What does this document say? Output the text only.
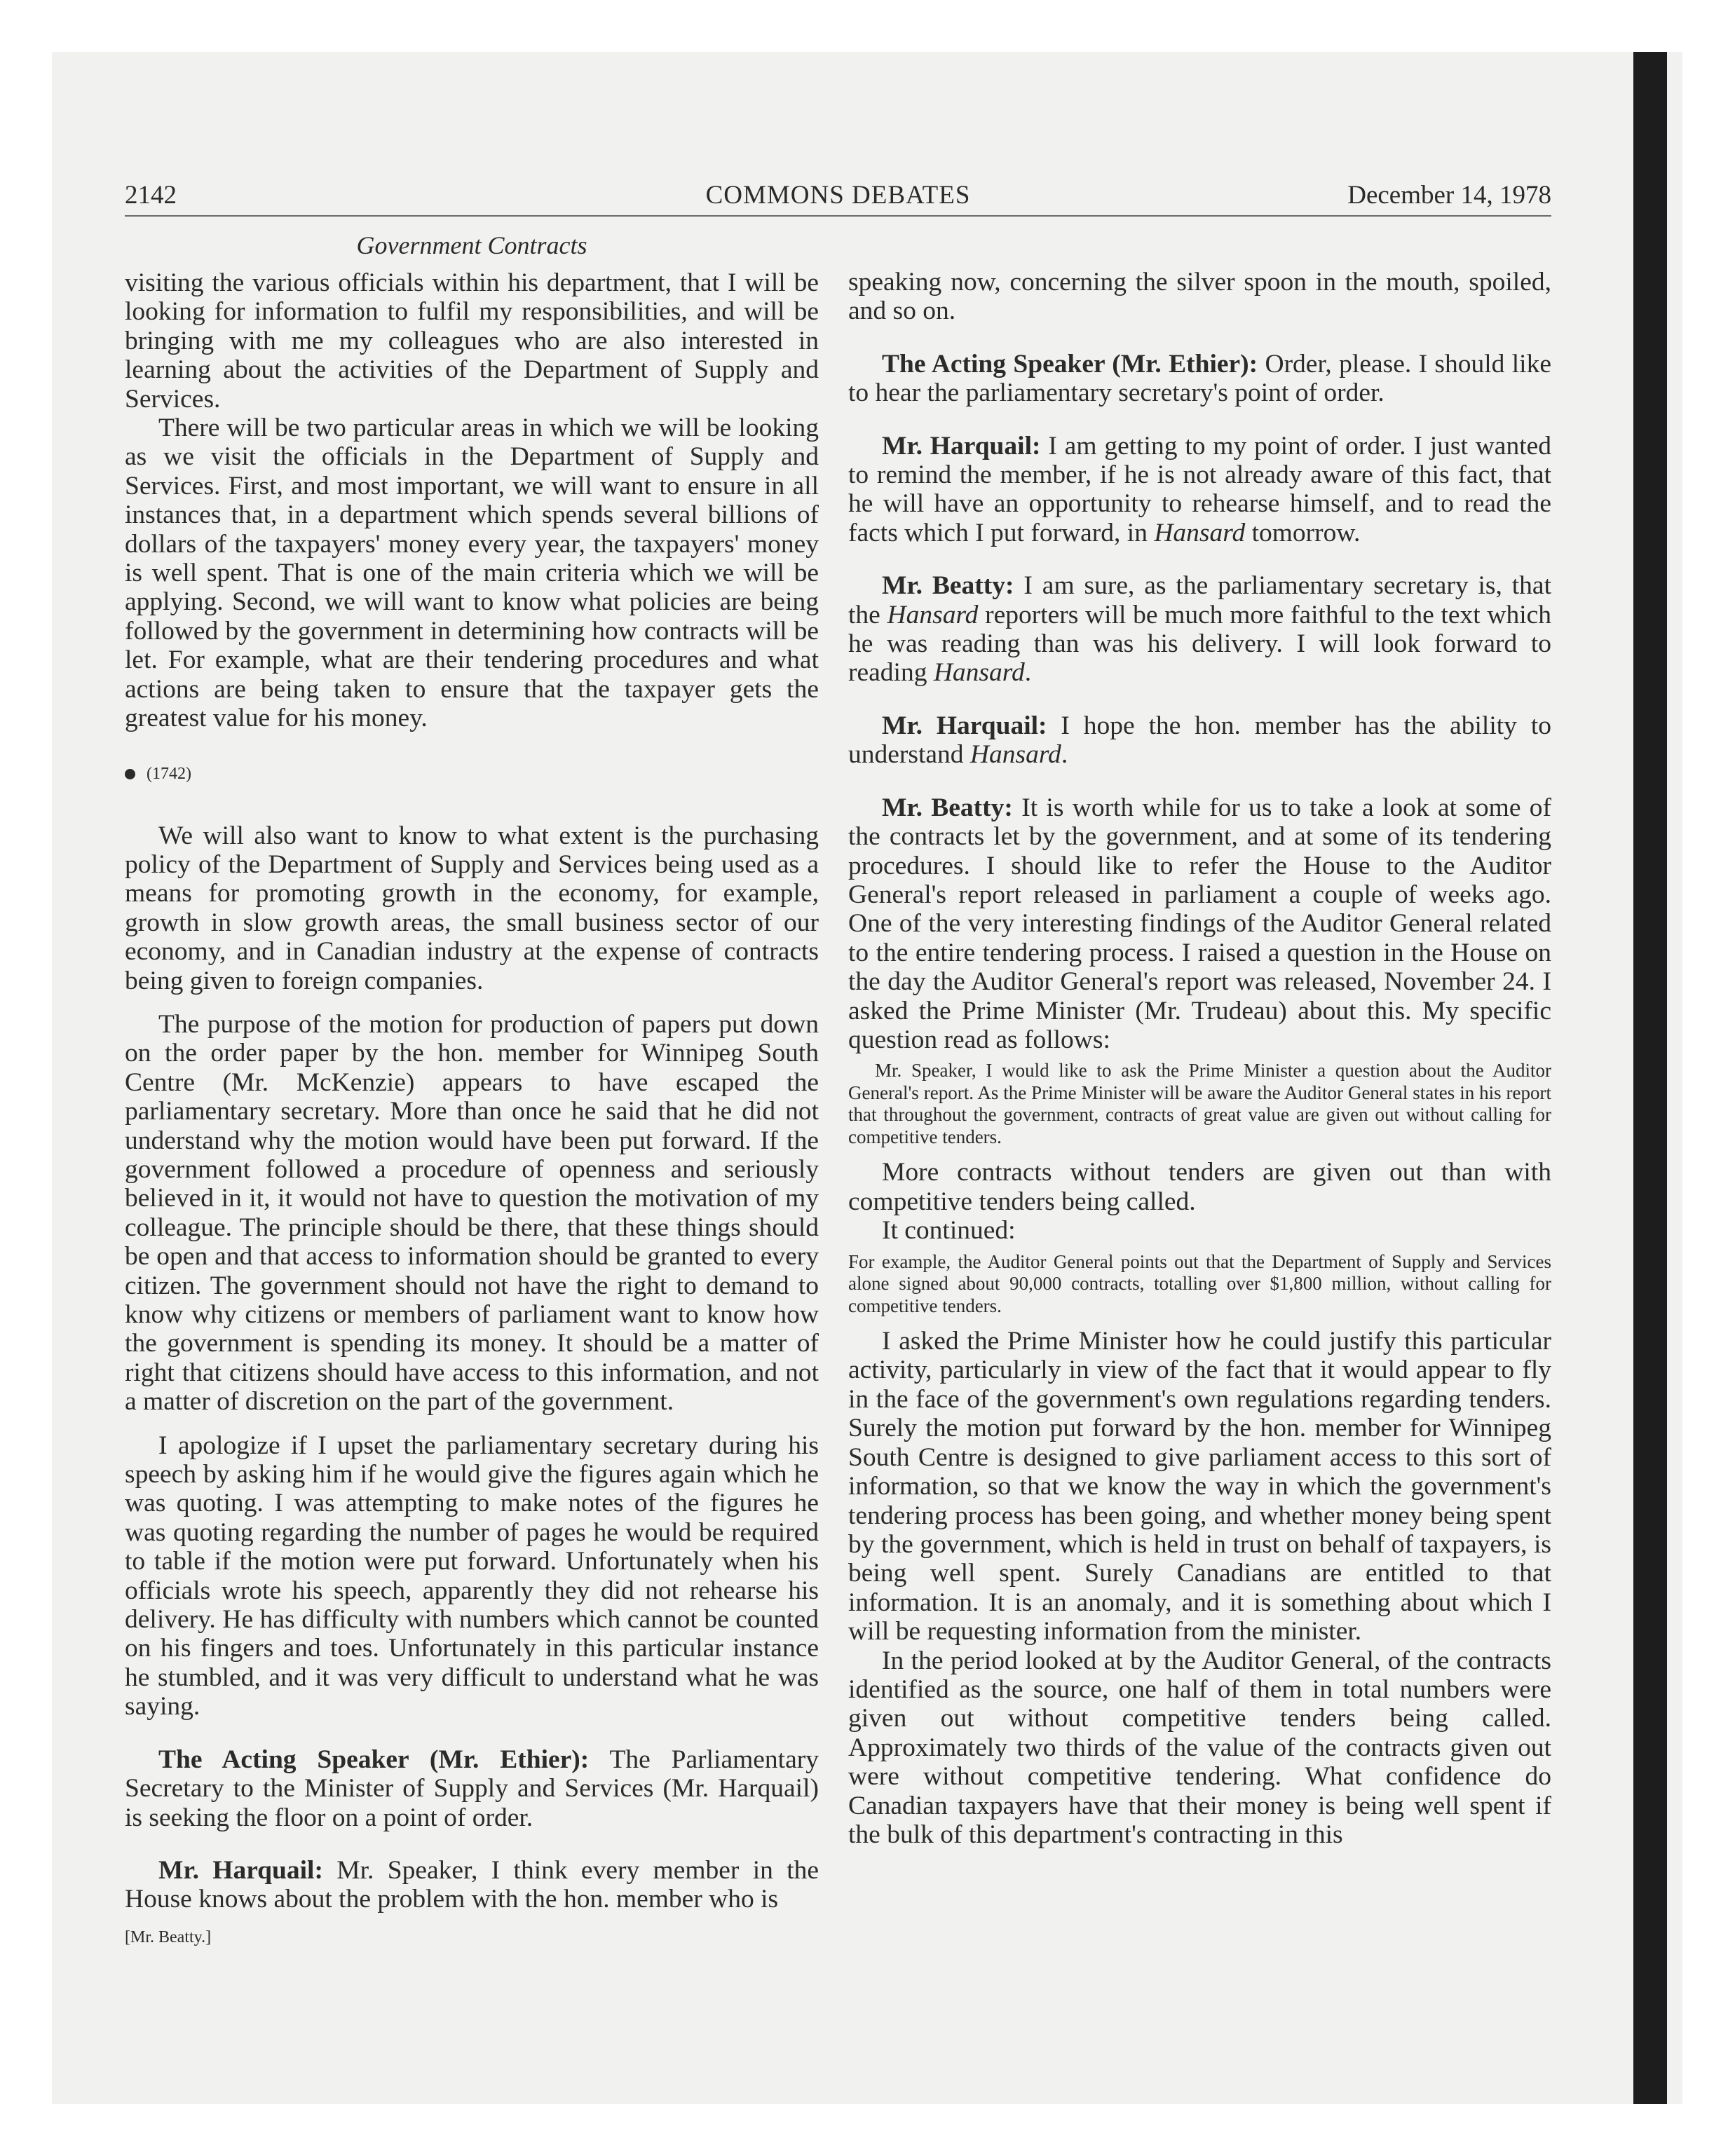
2142	COMMONS DEBATES	December 14, 1978
Government Contracts

visiting the various officials within his department, that I will be looking for information to fulfil my responsibilities, and will be bringing with me my colleagues who are also interested in learning about the activities of the Department of Supply and Services.

There will be two particular areas in which we will be looking as we visit the officials in the Department of Supply and Services. First, and most important, we will want to ensure in all instances that, in a department which spends several billions of dollars of the taxpayers' money every year, the taxpayers' money is well spent. That is one of the main criteria which we will be applying. Second, we will want to know what policies are being followed by the government in determining how contracts will be let. For example, what are their tendering procedures and what actions are being taken to ensure that the taxpayer gets the greatest value for his money.

(1742)

We will also want to know to what extent is the purchasing policy of the Department of Supply and Services being used as a means for promoting growth in the economy, for example, growth in slow growth areas, the small business sector of our economy, and in Canadian industry at the expense of contracts being given to foreign companies.

The purpose of the motion for production of papers put down on the order paper by the hon. member for Winnipeg South Centre (Mr. McKenzie) appears to have escaped the parliamentary secretary. More than once he said that he did not understand why the motion would have been put forward. If the government followed a procedure of openness and seriously believed in it, it would not have to question the motivation of my colleague. The principle should be there, that these things should be open and that access to information should be granted to every citizen. The government should not have the right to demand to know why citizens or members of parliament want to know how the government is spending its money. It should be a matter of right that citizens should have access to this information, and not a matter of discretion on the part of the government.

I apologize if I upset the parliamentary secretary during his speech by asking him if he would give the figures again which he was quoting. I was attempting to make notes of the figures he was quoting regarding the number of pages he would be required to table if the motion were put forward. Unfortunately when his officials wrote his speech, apparently they did not rehearse his delivery. He has difficulty with numbers which cannot be counted on his fingers and toes. Unfortunately in this particular instance he stumbled, and it was very difficult to understand what he was saying.

The Acting Speaker (Mr. Ethier): The Parliamentary Secretary to the Minister of Supply and Services (Mr. Harquail) is seeking the floor on a point of order.

Mr. Harquail: Mr. Speaker, I think every member in the House knows about the problem with the hon. member who is

[Mr. Beatty.]

speaking now, concerning the silver spoon in the mouth, spoiled, and so on.

The Acting Speaker (Mr. Ethier): Order, please. I should like to hear the parliamentary secretary's point of order.

Mr. Harquail: I am getting to my point of order. I just wanted to remind the member, if he is not already aware of this fact, that he will have an opportunity to rehearse himself, and to read the facts which I put forward, in Hansard tomorrow.

Mr. Beatty: I am sure, as the parliamentary secretary is, that the Hansard reporters will be much more faithful to the text which he was reading than was his delivery. I will look forward to reading Hansard.

Mr. Harquail: I hope the hon. member has the ability to understand Hansard.

Mr. Beatty: It is worth while for us to take a look at some of the contracts let by the government, and at some of its tendering procedures. I should like to refer the House to the Auditor General's report released in parliament a couple of weeks ago. One of the very interesting findings of the Auditor General related to the entire tendering process. I raised a question in the House on the day the Auditor General's report was released, November 24. I asked the Prime Minister (Mr. Trudeau) about this. My specific question read as follows:

Mr. Speaker, I would like to ask the Prime Minister a question about the Auditor General's report. As the Prime Minister will be aware the Auditor General states in his report that throughout the government, contracts of great value are given out without calling for competitive tenders.

More contracts without tenders are given out than with competitive tenders being called.

It continued:

For example, the Auditor General points out that the Department of Supply and Services alone signed about 90,000 contracts, totalling over $1,800 million, without calling for competitive tenders.

I asked the Prime Minister how he could justify this particular activity, particularly in view of the fact that it would appear to fly in the face of the government's own regulations regarding tenders. Surely the motion put forward by the hon. member for Winnipeg South Centre is designed to give parliament access to this sort of information, so that we know the way in which the government's tendering process has been going, and whether money being spent by the government, which is held in trust on behalf of taxpayers, is being well spent. Surely Canadians are entitled to that information. It is an anomaly, and it is something about which I will be requesting information from the minister.

In the period looked at by the Auditor General, of the contracts identified as the source, one half of them in total numbers were given out without competitive tenders being called. Approximately two thirds of the value of the contracts given out were without competitive tendering. What confidence do Canadian taxpayers have that their money is being well spent if the bulk of this department's contracting in this
